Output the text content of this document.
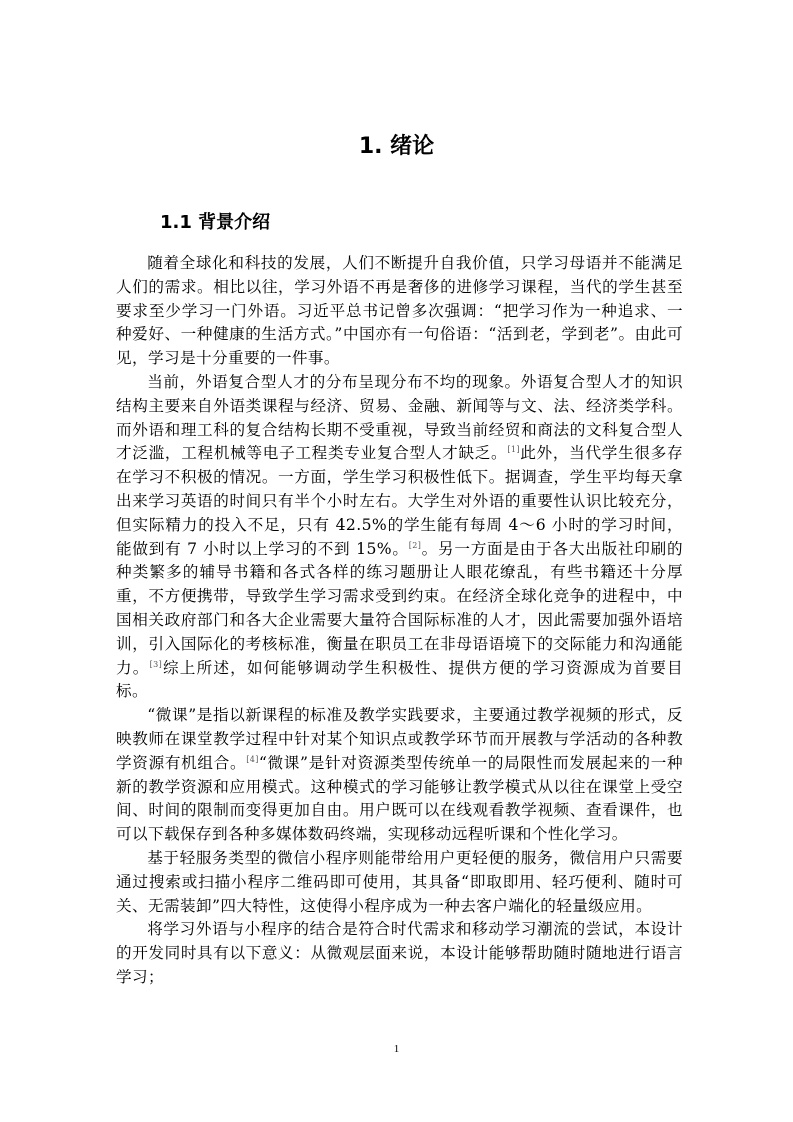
1. 绪论
1.1 背景介绍

随着全球化和科技的发展，人们不断提升自我价值，只学习母语并不能满足人们的需求。相比以往，学习外语不再是奢侈的进修学习课程，当代的学生甚至要求至少学习一门外语。习近平总书记曾多次强调：“把学习作为一种追求、一种爱好、一种健康的生活方式。”中国亦有一句俗语：“活到老，学到老”。由此可见，学习是十分重要的一件事。

当前，外语复合型人才的分布呈现分布不均的现象。外语复合型人才的知识结构主要来自外语类课程与经济、贸易、金融、新闻等与文、法、经济类学科。而外语和理工科的复合结构长期不受重视，导致当前经贸和商法的文科复合型人才泛滥，工程机械等电子工程类专业复合型人才缺乏。[1]此外，当代学生很多存在学习不积极的情况。一方面，学生学习积极性低下。据调查，学生平均每天拿出来学习英语的时间只有半个小时左右。大学生对外语的重要性认识比较充分，但实际精力的投入不足，只有 42.5%的学生能有每周 4～6 小时的学习时间，能做到有 7 小时以上学习的不到 15%。[2]。另一方面是由于各大出版社印刷的种类繁多的辅导书籍和各式各样的练习题册让人眼花缭乱，有些书籍还十分厚重，不方便携带，导致学生学习需求受到约束。在经济全球化竞争的进程中，中国相关政府部门和各大企业需要大量符合国际标准的人才，因此需要加强外语培训，引入国际化的考核标准，衡量在职员工在非母语语境下的交际能力和沟通能力。[3]综上所述，如何能够调动学生积极性、提供方便的学习资源成为首要目标。

“微课”是指以新课程的标准及教学实践要求，主要通过教学视频的形式，反映教师在课堂教学过程中针对某个知识点或教学环节而开展教与学活动的各种教学资源有机组合。[4]“微课”是针对资源类型传统单一的局限性而发展起来的一种新的教学资源和应用模式。这种模式的学习能够让教学模式从以往在课堂上受空间、时间的限制而变得更加自由。用户既可以在线观看教学视频、查看课件，也可以下载保存到各种多媒体数码终端，实现移动远程听课和个性化学习。

基于轻服务类型的微信小程序则能带给用户更轻便的服务，微信用户只需要通过搜索或扫描小程序二维码即可使用，其具备“即取即用、轻巧便利、随时可关、无需装卸”四大特性，这使得小程序成为一种去客户端化的轻量级应用。

将学习外语与小程序的结合是符合时代需求和移动学习潮流的尝试，本设计的开发同时具有以下意义：从微观层面来说，本设计能够帮助随时随地进行语言学习；

1
